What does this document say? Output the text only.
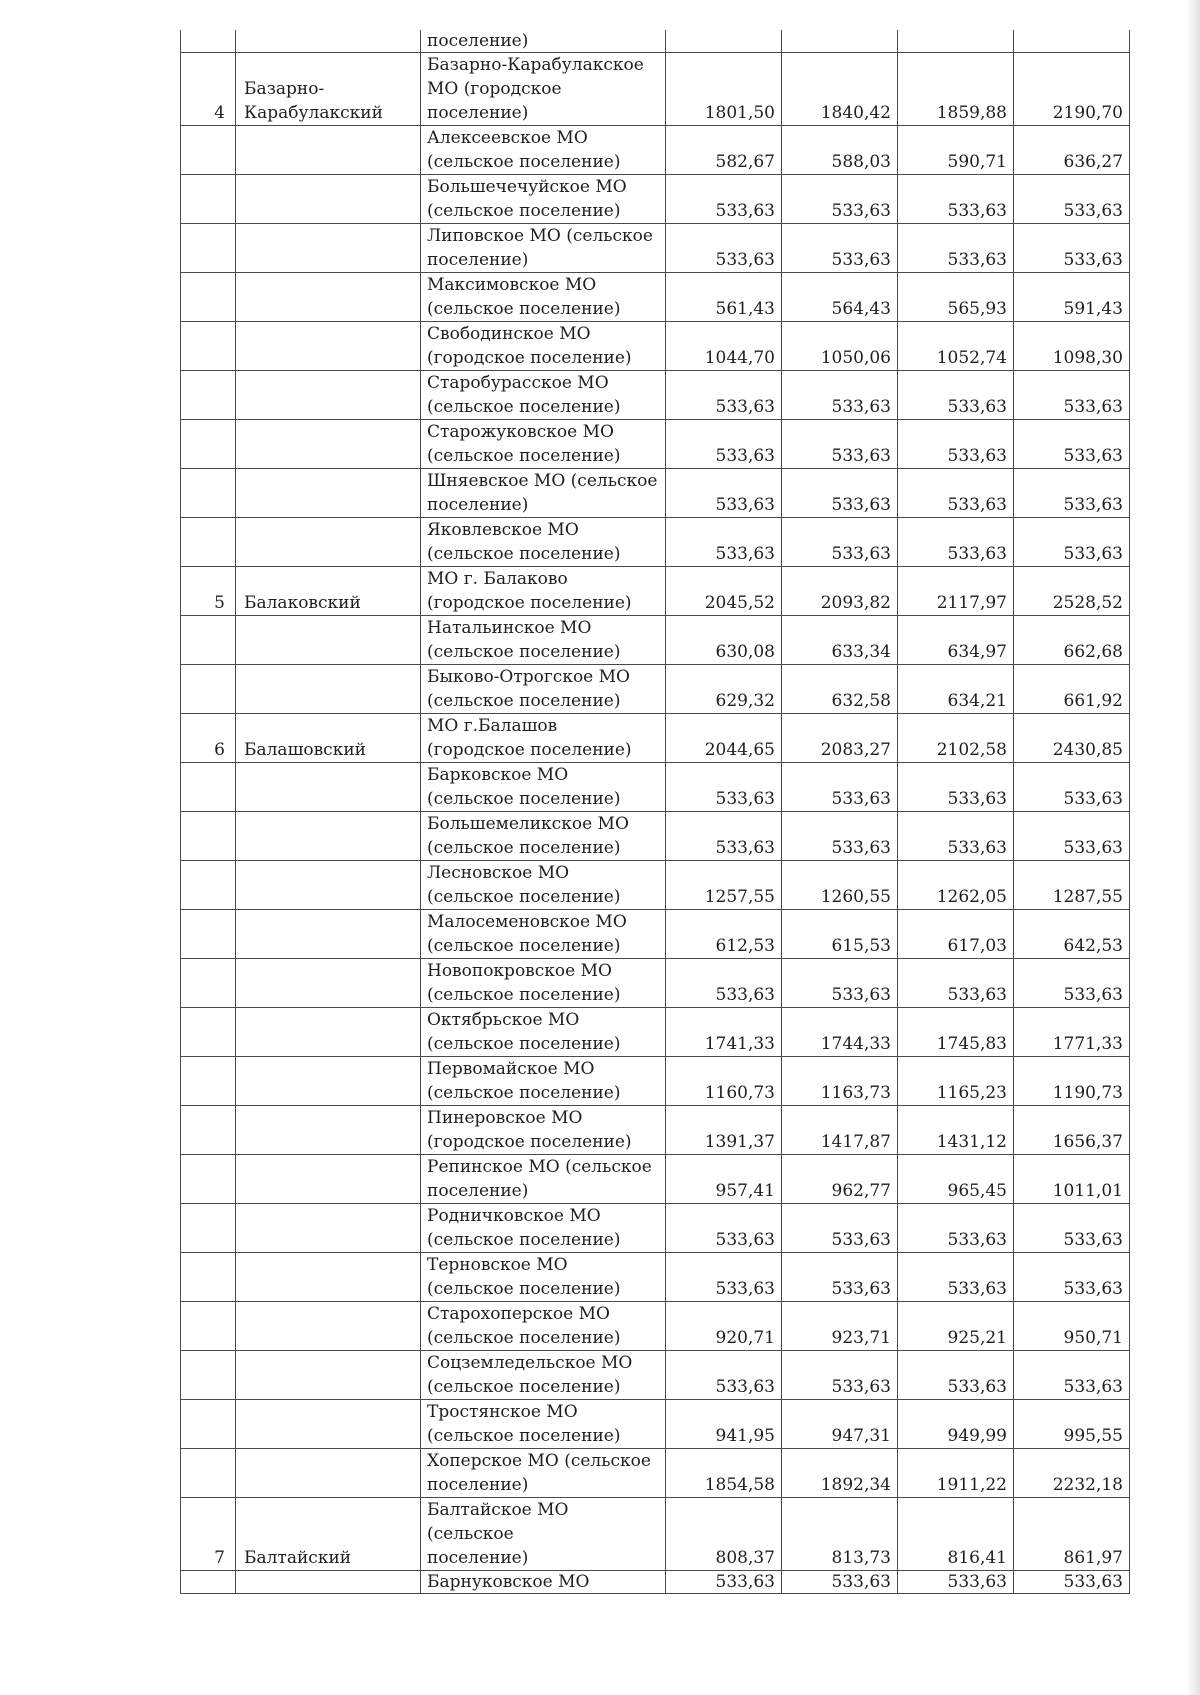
		поселение)				
4	Базарно-
Карабулакский	Базарно-Карабулакское
МО (городское
поселение)	1801,50	1840,42	1859,88	2190,70
		Алексеевское МО
(сельское поселение)	582,67	588,03	590,71	636,27
		Большечечуйское МО
(сельское поселение)	533,63	533,63	533,63	533,63
		Липовское МО (сельское
поселение)	533,63	533,63	533,63	533,63
		Максимовское МО
(сельское поселение)	561,43	564,43	565,93	591,43
		Свободинское МО
(городское поселение)	1044,70	1050,06	1052,74	1098,30
		Старобурасское МО
(сельское поселение)	533,63	533,63	533,63	533,63
		Старожуковское МО
(сельское поселение)	533,63	533,63	533,63	533,63
		Шняевское МО (сельское
поселение)	533,63	533,63	533,63	533,63
		Яковлевское МО
(сельское поселение)	533,63	533,63	533,63	533,63
5	Балаковский	МО г. Балаково
(городское поселение)	2045,52	2093,82	2117,97	2528,52
		Натальинское МО
(сельское поселение)	630,08	633,34	634,97	662,68
		Быково-Отрогское МО
(сельское поселение)	629,32	632,58	634,21	661,92
6	Балашовский	МО г.Балашов
(городское поселение)	2044,65	2083,27	2102,58	2430,85
		Барковское МО
(сельское поселение)	533,63	533,63	533,63	533,63
		Большемеликское МО
(сельское поселение)	533,63	533,63	533,63	533,63
		Лесновское МО
(сельское поселение)	1257,55	1260,55	1262,05	1287,55
		Малосеменовское МО
(сельское поселение)	612,53	615,53	617,03	642,53
		Новопокровское МО
(сельское поселение)	533,63	533,63	533,63	533,63
		Октябрьское МО
(сельское поселение)	1741,33	1744,33	1745,83	1771,33
		Первомайское МО
(сельское поселение)	1160,73	1163,73	1165,23	1190,73
		Пинеровское МО
(городское поселение)	1391,37	1417,87	1431,12	1656,37
		Репинское МО (сельское
поселение)	957,41	962,77	965,45	1011,01
		Родничковское МО
(сельское поселение)	533,63	533,63	533,63	533,63
		Терновское МО
(сельское поселение)	533,63	533,63	533,63	533,63
		Старохоперское МО
(сельское поселение)	920,71	923,71	925,21	950,71
		Соцземледельское МО
(сельское поселение)	533,63	533,63	533,63	533,63
		Тростянское МО
(сельское поселение)	941,95	947,31	949,99	995,55
		Хоперское МО (сельское
поселение)	1854,58	1892,34	1911,22	2232,18
7	Балтайский	Балтайское МО (сельское
поселение)	808,37	813,73	816,41	861,97
		Барнуковское МО	533,63	533,63	533,63	533,63
